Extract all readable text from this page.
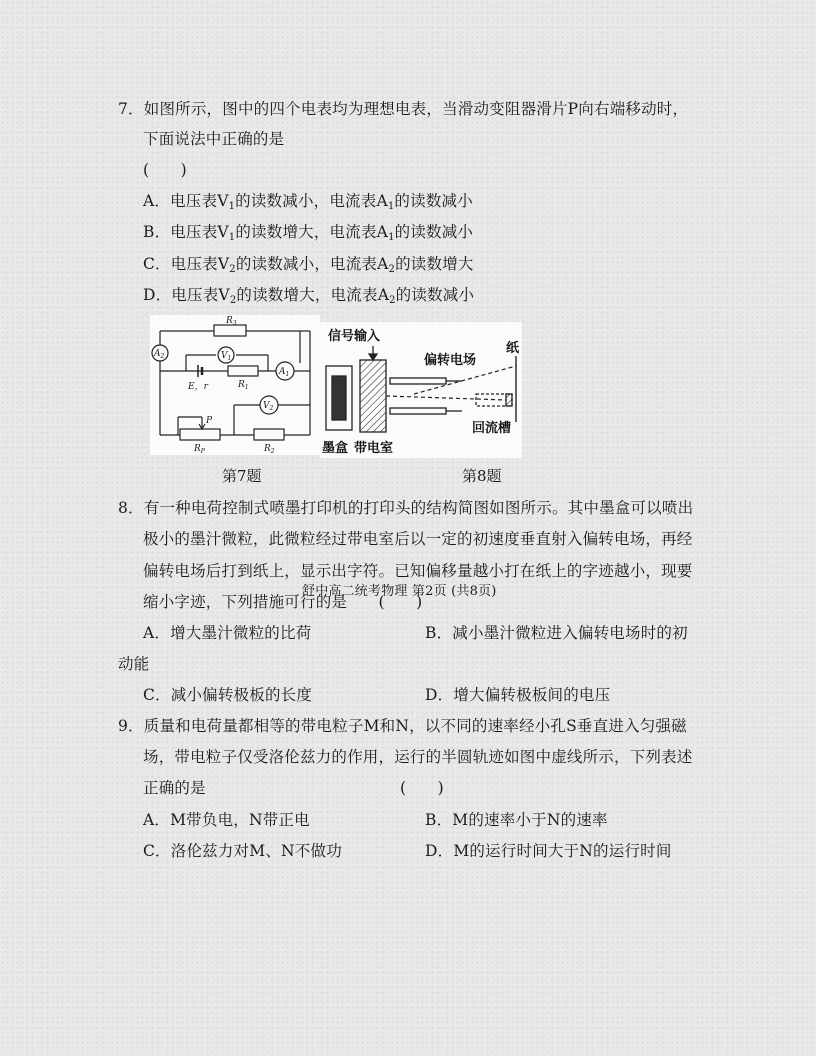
7．如图所示，图中的四个电表均为理想电表，当滑动变阻器滑片P向右端移动时，
下面说法中正确的是
(　　)
A．电压表$V_1$的读数减小，电流表$A_1$的读数减小
B．电压表$V_1$的读数增大，电流表$A_1$的读数减小
C．电压表$V_2$的读数减小，电流表$A_2$的读数增大
D．电压表$V_2$的读数增大，电流表$A_2$的读数减小
$A_2$	$V_1$
$A_1$
$V_2$
$R_3$
$R_1$
E，r
P
$R_P$	$R_2$
信号输入
偏转电场
纸
墨盒 带电室
回流槽
第7题	第8题
8．有一种电荷控制式喷墨打印机的打印头的结构简图如图所示。其中墨盒可以喷出
极小的墨汁微粒，此微粒经过带电室后以一定的初速度垂直射入偏转电场，再经
偏转电场后打到纸上，显示出字符。已知偏移量越小打在纸上的字迹越小，现要
缩小字迹，下列措施可行的是　　(　　)
舒中高二统考物理 第2页 (共8页)
A．增大墨汁微粒的比荷	B．减小墨汁微粒进入偏转电场时的初
动能
C．减小偏转极板的长度	D．增大偏转极板间的电压
9．质量和电荷量都相等的带电粒子M和N，以不同的速率经小孔S垂直进入匀强磁
场，带电粒子仅受洛伦兹力的作用，运行的半圆轨迹如图中虚线所示，下列表述
正确的是	(　　)
A．M带负电，N带正电	B．M的速率小于N的速率
C．洛伦兹力对M、N不做功	D．M的运行时间大于N的运行时间
